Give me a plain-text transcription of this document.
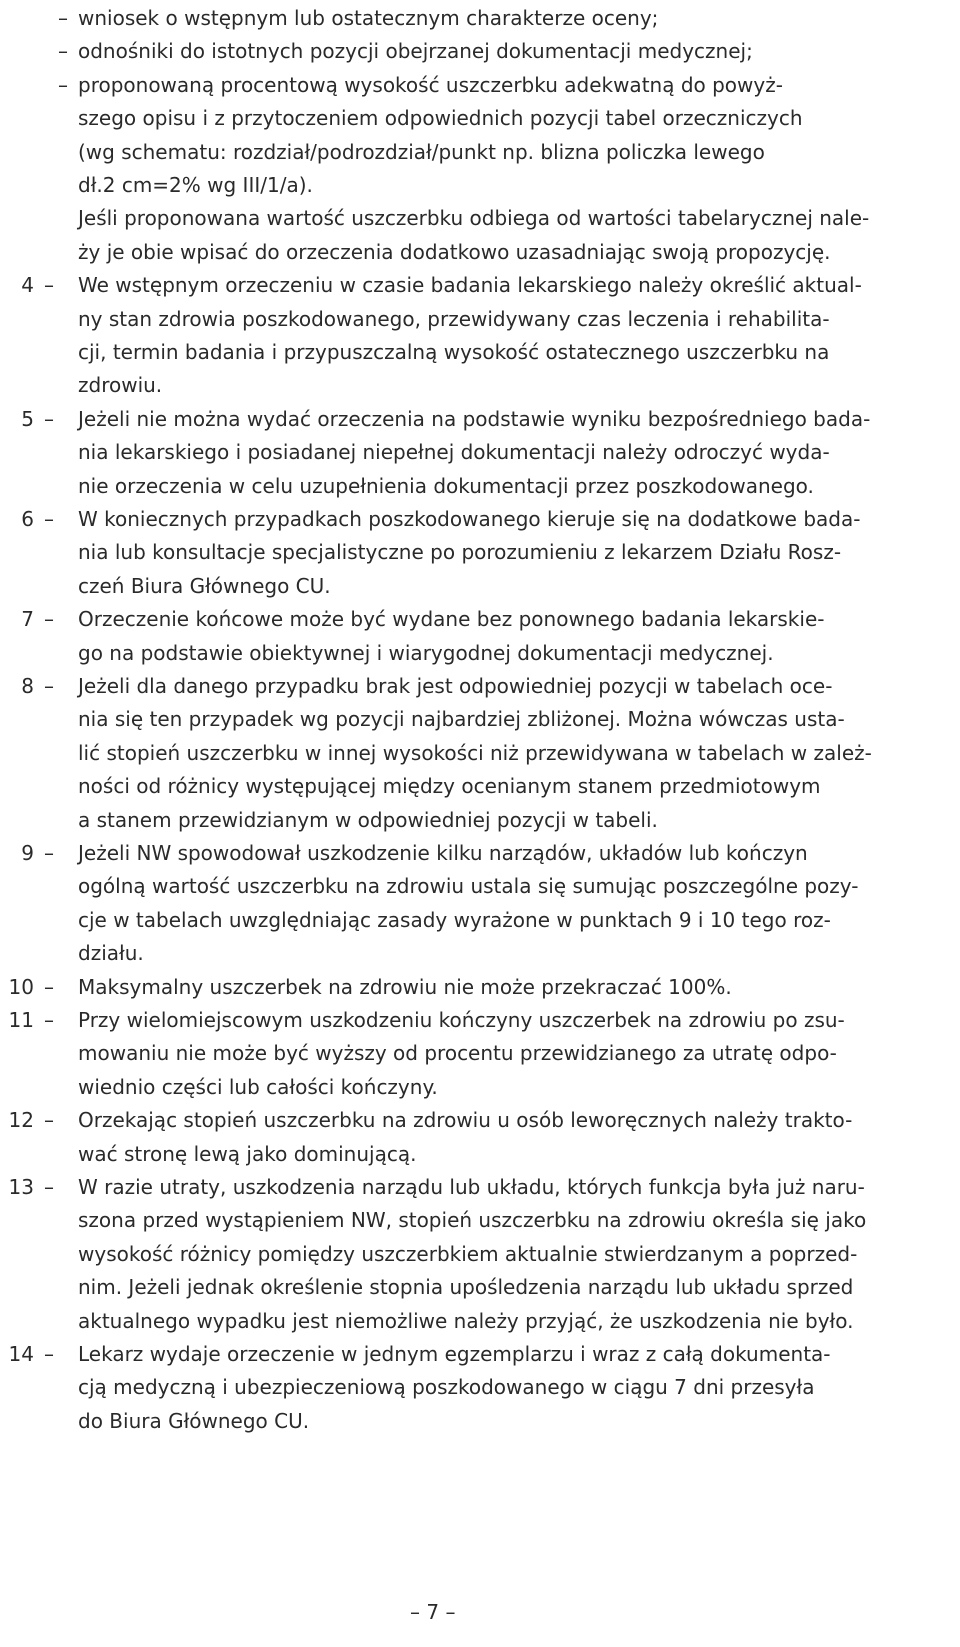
– wniosek o wstępnym lub ostatecznym charakterze oceny;
– odnośniki do istotnych pozycji obejrzanej dokumentacji medycznej;
– proponowaną procentową wysokość uszczerbku adekwatną do powyż-
szego opisu i z przytoczeniem odpowiednich pozycji tabel orzeczniczych
(wg schematu: rozdział/podrozdział/punkt np. blizna policzka lewego
dł.2 cm=2% wg III/1/a).
Jeśli proponowana wartość uszczerbku odbiega od wartości tabelarycznej nale-
ży je obie wpisać do orzeczenia dodatkowo uzasadniając swoją propozycję.
4 – We wstępnym orzeczeniu w czasie badania lekarskiego należy określić aktual-
ny stan zdrowia poszkodowanego, przewidywany czas leczenia i rehabilita-
cji, termin badania i przypuszczalną wysokość ostatecznego uszczerbku na
zdrowiu.
5 – Jeżeli nie można wydać orzeczenia na podstawie wyniku bezpośredniego bada-
nia lekarskiego i posiadanej niepełnej dokumentacji należy odroczyć wyda-
nie orzeczenia w celu uzupełnienia dokumentacji przez poszkodowanego.
6 – W koniecznych przypadkach poszkodowanego kieruje się na dodatkowe bada-
nia lub konsultacje specjalistyczne po porozumieniu z lekarzem Działu Rosz-
czeń Biura Głównego CU.
7 – Orzeczenie końcowe może być wydane bez ponownego badania lekarskie-
go na podstawie obiektywnej i wiarygodnej dokumentacji medycznej.
8 – Jeżeli dla danego przypadku brak jest odpowiedniej pozycji w tabelach oce-
nia się ten przypadek wg pozycji najbardziej zbliżonej. Można wówczas usta-
lić stopień uszczerbku w innej wysokości niż przewidywana w tabelach w zależ-
ności od różnicy występującej między ocenianym stanem przedmiotowym
a stanem przewidzianym w odpowiedniej pozycji w tabeli.
9 – Jeżeli NW spowodował uszkodzenie kilku narządów, układów lub kończyn
ogólną wartość uszczerbku na zdrowiu ustala się sumując poszczególne pozy-
cje w tabelach uwzględniając zasady wyrażone w punktach 9 i 10 tego roz-
działu.
10 – Maksymalny uszczerbek na zdrowiu nie może przekraczać 100%.
11 – Przy wielomiejscowym uszkodzeniu kończyny uszczerbek na zdrowiu po zsu-
mowaniu nie może być wyższy od procentu przewidzianego za utratę odpo-
wiednio części lub całości kończyny.
12 – Orzekając stopień uszczerbku na zdrowiu u osób leworęcznych należy trakto-
wać stronę lewą jako dominującą.
13 – W razie utraty, uszkodzenia narządu lub układu, których funkcja była już naru-
szona przed wystąpieniem NW, stopień uszczerbku na zdrowiu określa się jako
wysokość różnicy pomiędzy uszczerbkiem aktualnie stwierdzanym a poprzed-
nim. Jeżeli jednak określenie stopnia upośledzenia narządu lub układu sprzed
aktualnego wypadku jest niemożliwe należy przyjąć, że uszkodzenia nie było.
14 – Lekarz wydaje orzeczenie w jednym egzemplarzu i wraz z całą dokumenta-
cją medyczną i ubezpieczeniową poszkodowanego w ciągu 7 dni przesyła
do Biura Głównego CU.
– 7 –
